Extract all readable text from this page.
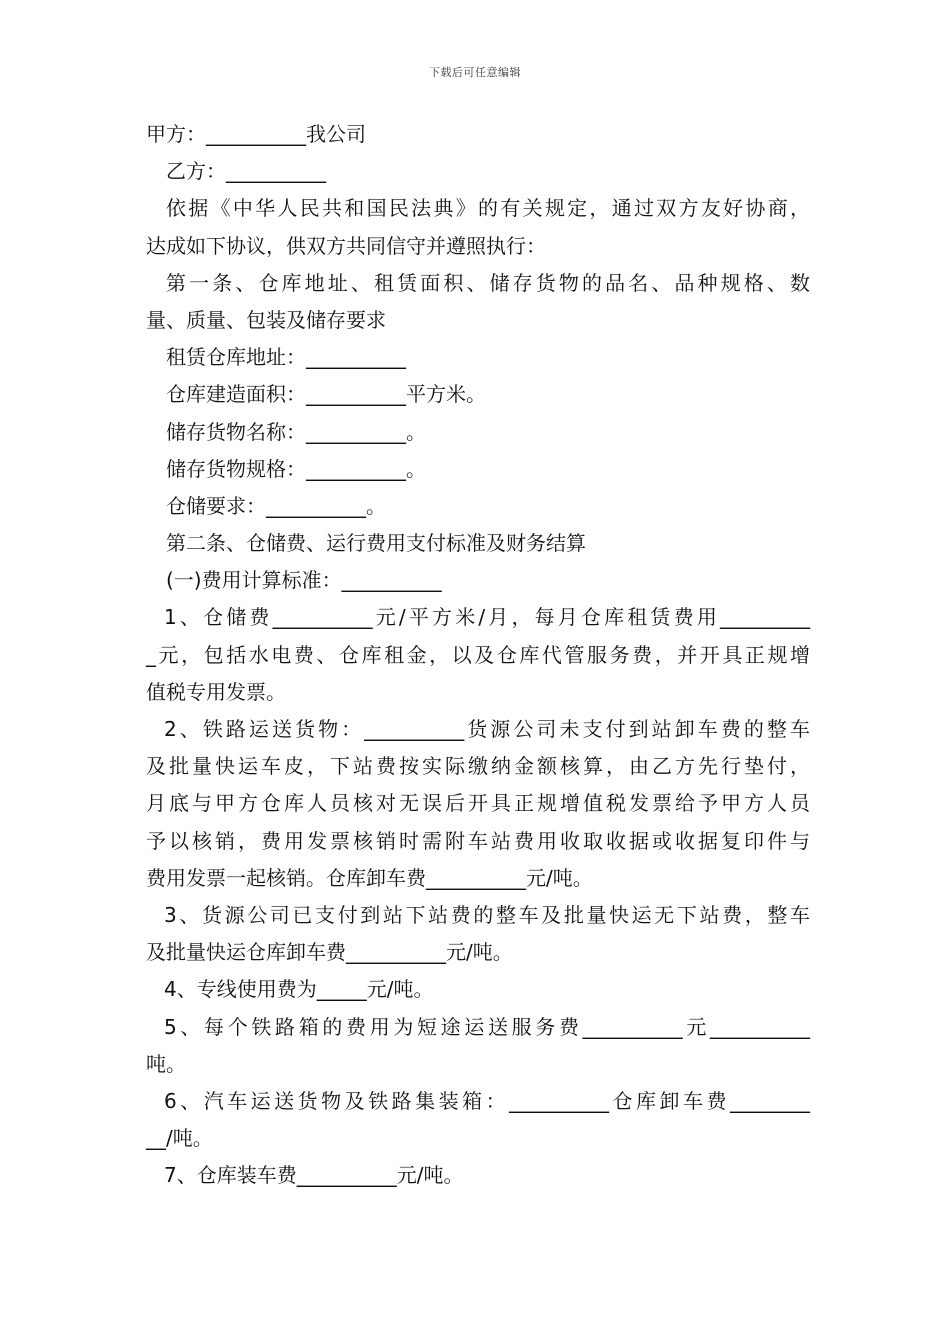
下载后可任意编辑
甲方：__________我公司
乙方：__________
依据《中华人民共和国民法典》的有关规定，通过双方友好协商，
达成如下协议，供双方共同信守并遵照执行：
第一条、仓库地址、租赁面积、储存货物的品名、品种规格、数
量、质量、包装及储存要求
租赁仓库地址：__________
仓库建造面积：__________平方米。
储存货物名称：__________。
储存货物规格：__________。
仓储要求：__________。
第二条、仓储费、运行费用支付标准及财务结算
(一)费用计算标准：__________
1、仓储费__________元/平方米/月，每月仓库租赁费用_________
_元，包括水电费、仓库租金，以及仓库代管服务费，并开具正规增
值税专用发票。
2、铁路运送货物：__________货源公司未支付到站卸车费的整车
及批量快运车皮，下站费按实际缴纳金额核算，由乙方先行垫付，
月底与甲方仓库人员核对无误后开具正规增值税发票给予甲方人员
予以核销，费用发票核销时需附车站费用收取收据或收据复印件与
费用发票一起核销。仓库卸车费__________元/吨。
3、货源公司已支付到站下站费的整车及批量快运无下站费，整车
及批量快运仓库卸车费__________元/吨。
4、专线使用费为_____元/吨。
5、每个铁路箱的费用为短途运送服务费__________元__________
吨。
6、汽车运送货物及铁路集装箱：__________仓库卸车费________
__/吨。
7、仓库装车费__________元/吨。
